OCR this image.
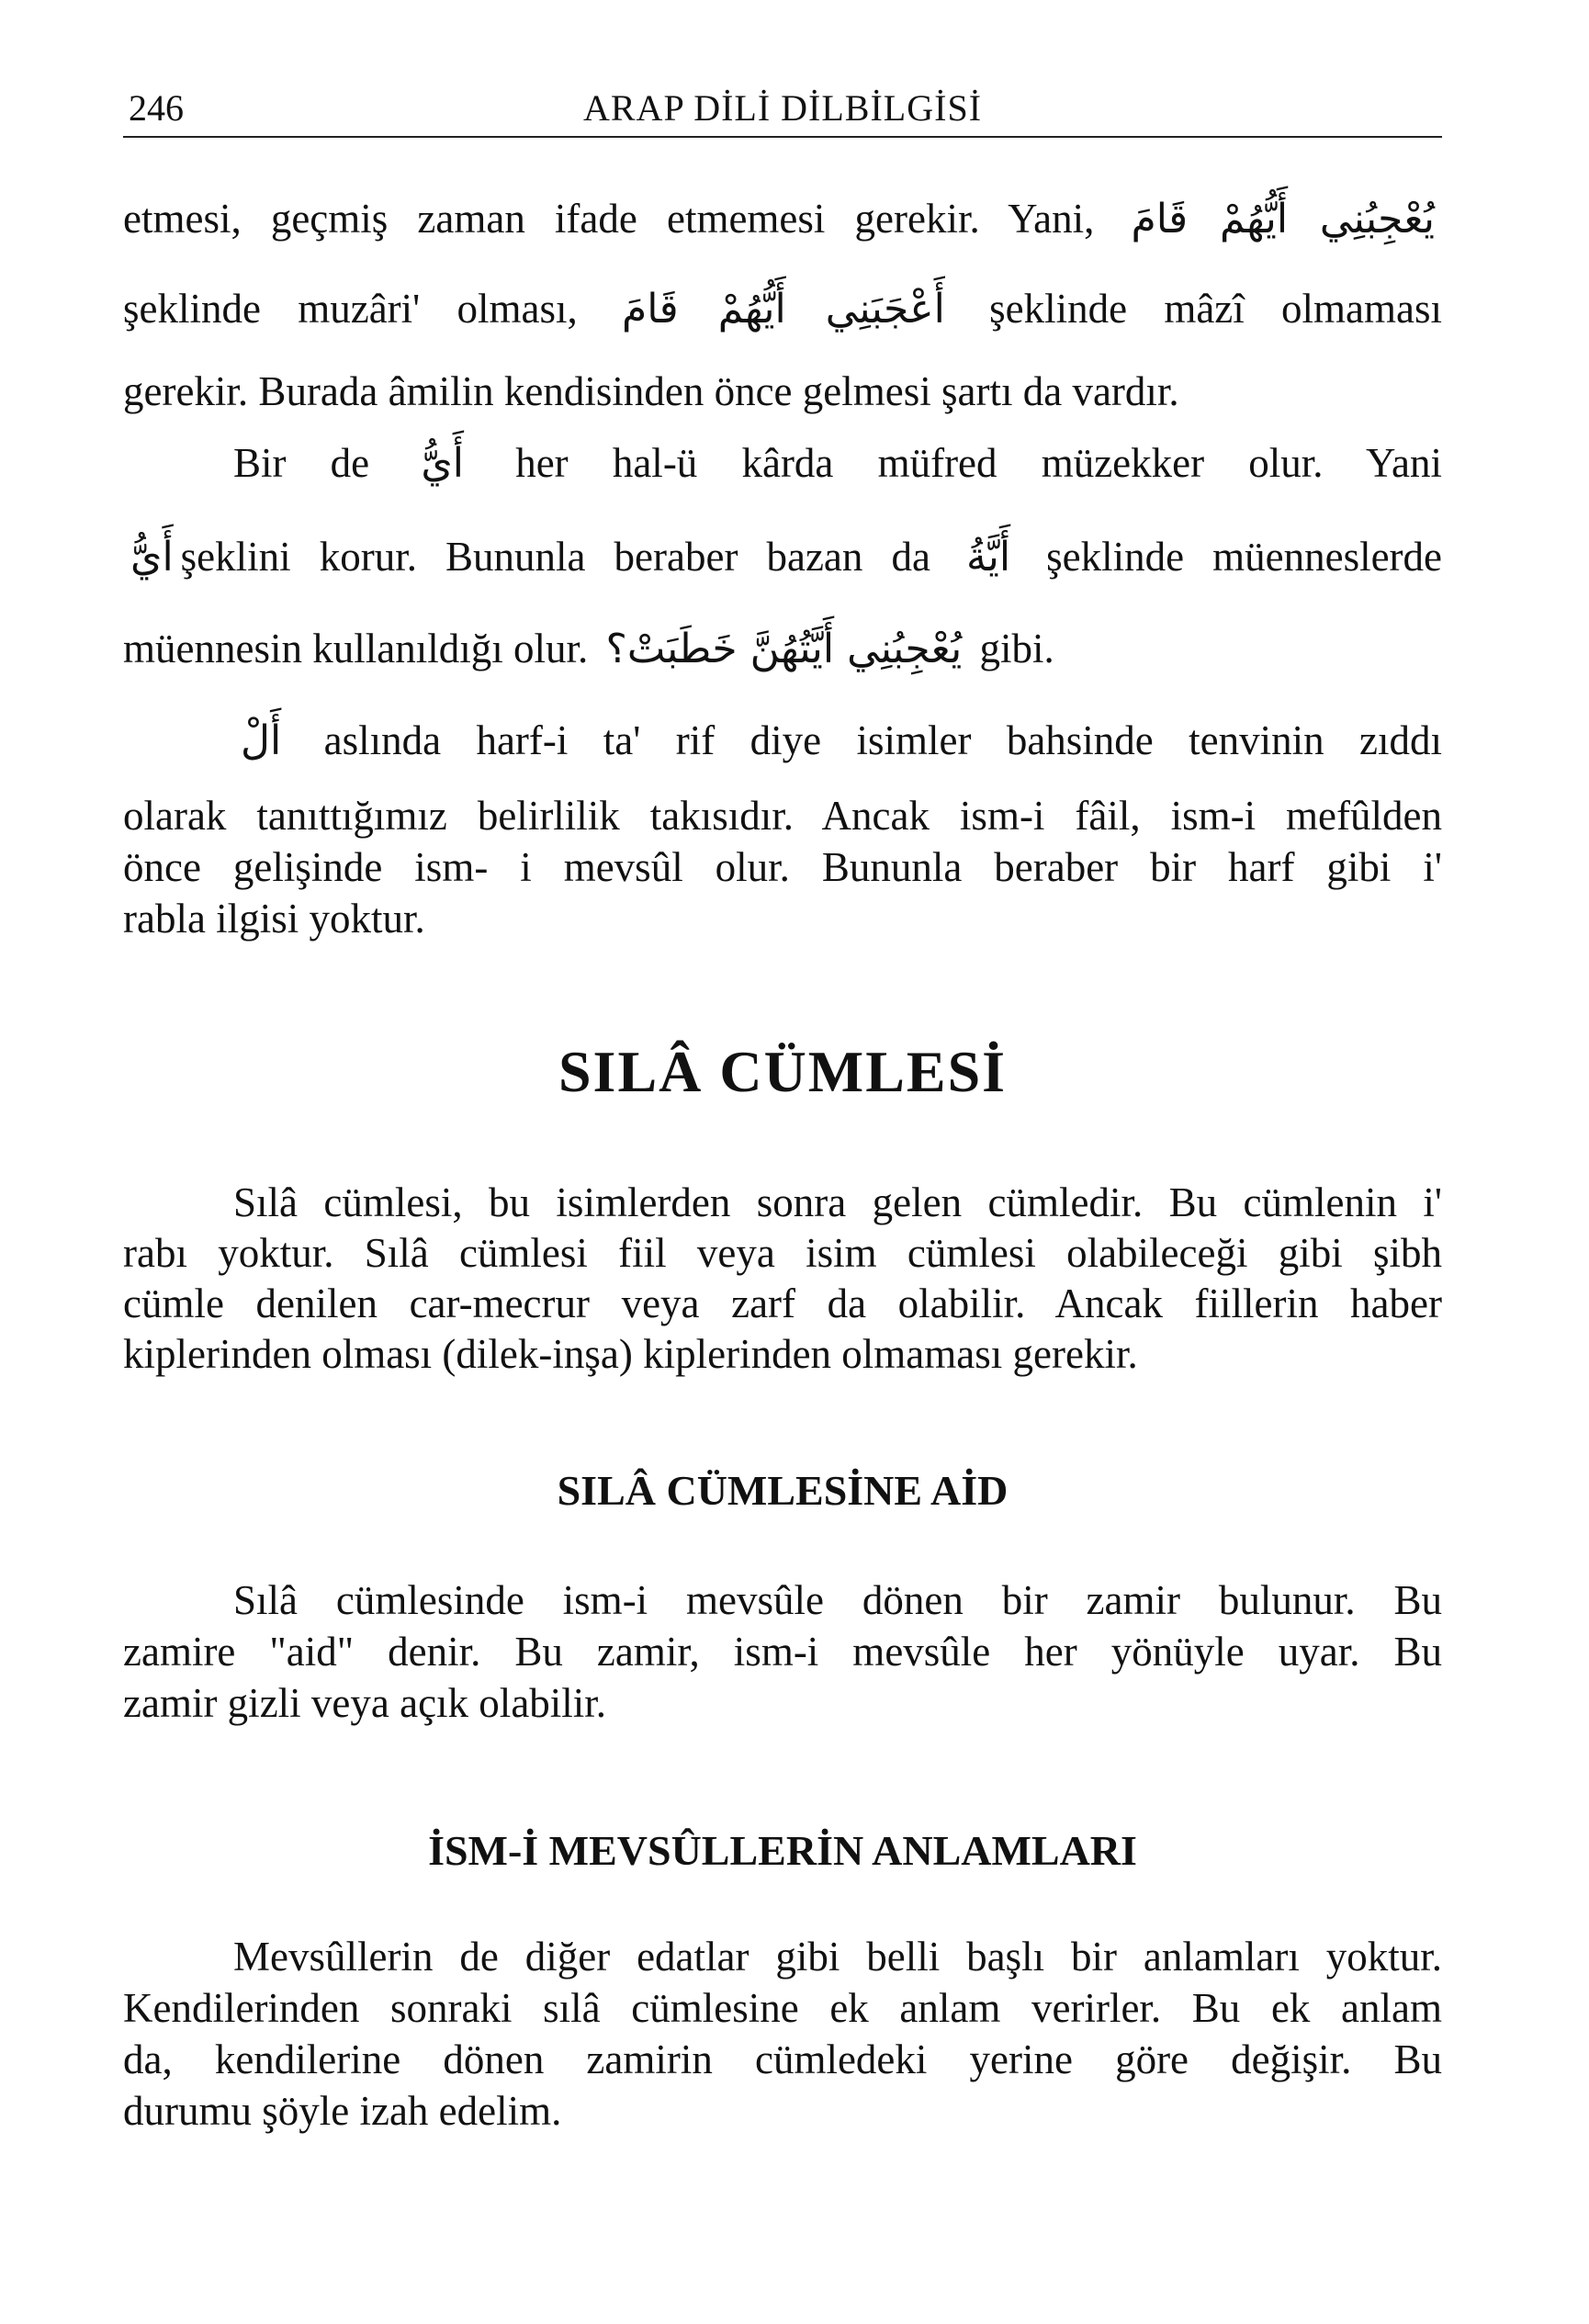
246	ARAP DİLİ DİLBİLGİSİ
etmesi, geçmiş zaman ifade etmemesi gerekir. Yani, يُعْجِبُنِي أَيُّهُمْ قَامَ
şeklinde muzâri' olması, أَعْجَبَنِي أَيُّهُمْ قَامَ şeklinde mâzî olmaması
gerekir. Burada âmilin kendisinden önce gelmesi şartı da vardır.
Bir de أَيُّ her hal-ü kârda müfred müzekker olur. Yani
أَيُّ şeklini korur. Bununla beraber bazan da أَيَّةُ şeklinde müenneslerde
müennesin kullanıldığı olur. يُعْجِبُنِي أَيَّتُهُنَّ خَطَبَتْ؟ gibi.
أَلْ aslında harf-i ta' rif diye isimler bahsinde tenvinin zıddı
olarak tanıttığımız belirlilik takısıdır. Ancak ism-i fâil, ism-i mefûlden
önce gelişinde ism- i mevsûl olur. Bununla beraber bir harf gibi i'
rabla ilgisi yoktur.
SILÂ CÜMLESİ
Sılâ cümlesi, bu isimlerden sonra gelen cümledir. Bu cümlenin i'
rabı yoktur. Sılâ cümlesi fiil veya isim cümlesi olabileceği gibi şibh
cümle denilen car-mecrur veya zarf da olabilir. Ancak fiillerin haber
kiplerinden olması (dilek-inşa) kiplerinden olmaması gerekir.
SILÂ CÜMLESİNE AİD
Sılâ cümlesinde ism-i mevsûle dönen bir zamir bulunur. Bu
zamire "aid" denir. Bu zamir, ism-i mevsûle her yönüyle uyar. Bu
zamir gizli veya açık olabilir.
İSM-İ MEVSÛLLERİN ANLAMLARI
Mevsûllerin de diğer edatlar gibi belli başlı bir anlamları yoktur.
Kendilerinden sonraki sılâ cümlesine ek anlam verirler. Bu ek anlam
da, kendilerine dönen zamirin cümledeki yerine göre değişir. Bu
durumu şöyle izah edelim.
